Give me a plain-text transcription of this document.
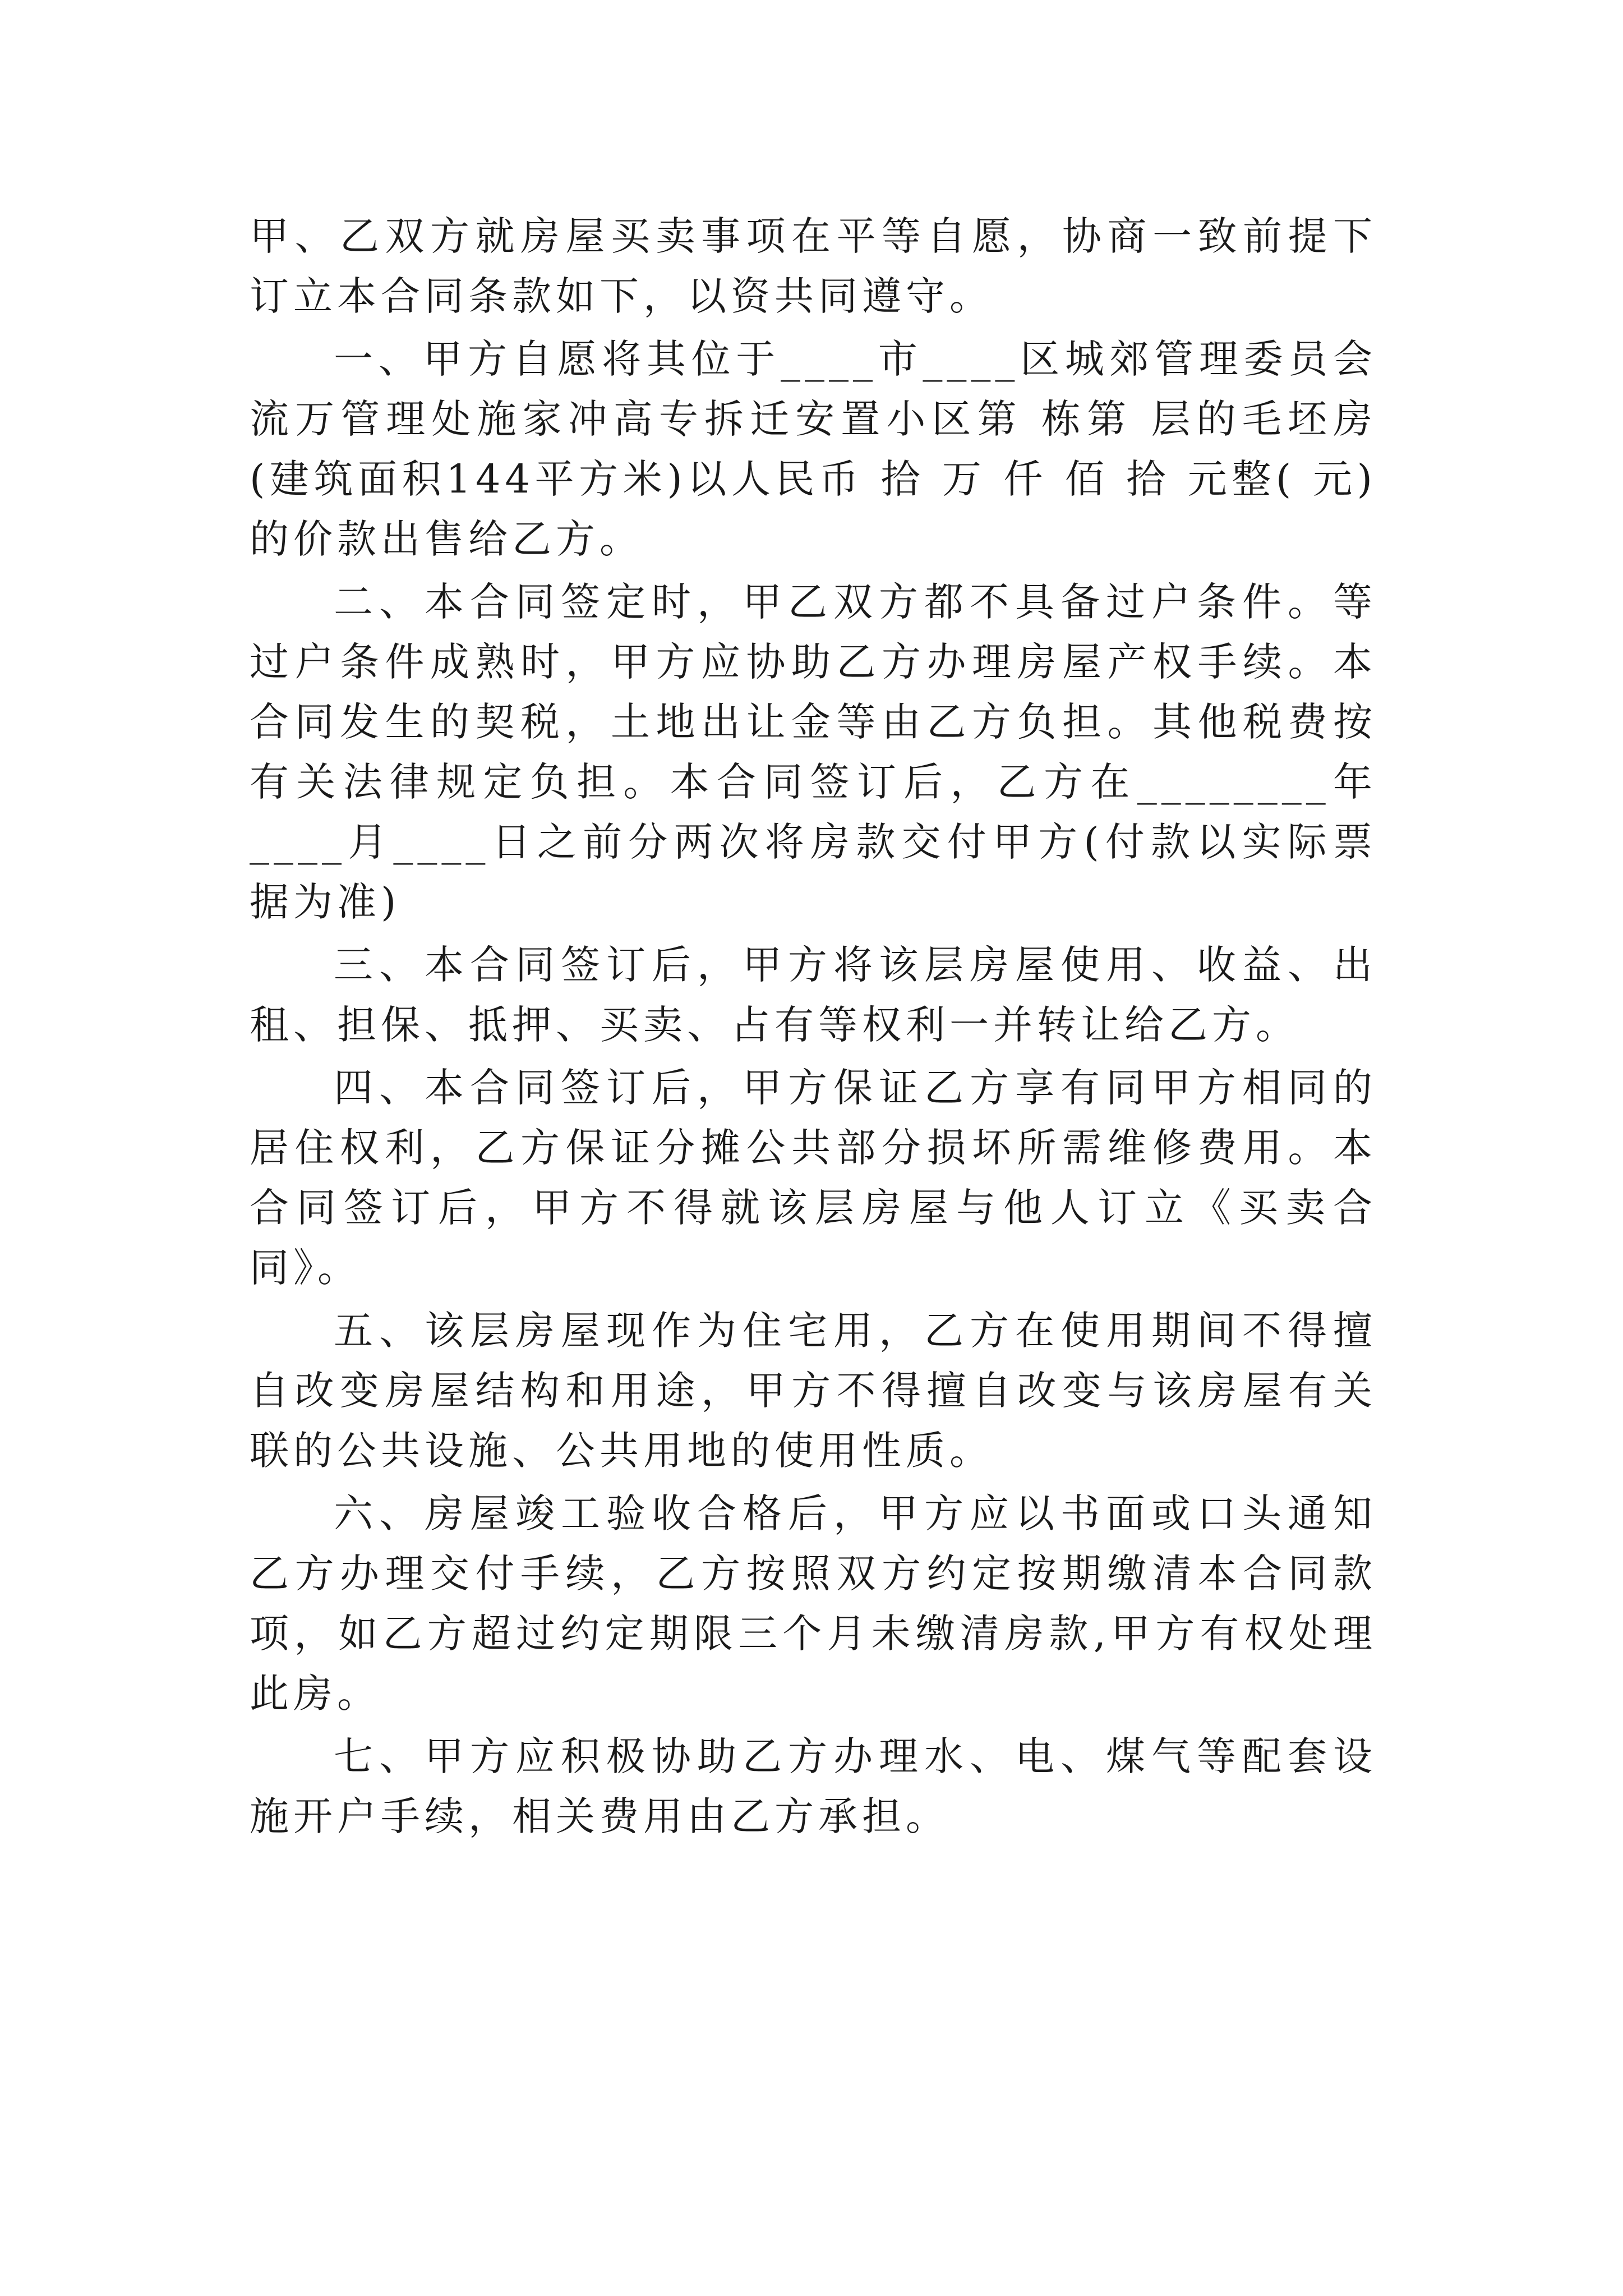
甲、乙双方就房屋买卖事项在平等自愿，协商一致前提下订立本合同条款如下，以资共同遵守。

一、甲方自愿将其位于____市____区城郊管理委员会流万管理处施家冲高专拆迁安置小区第 栋第 层的毛坯房(建筑面积144平方米)以人民币 拾 万 仟 佰 拾 元整( 元)的价款出售给乙方。

二、本合同签定时，甲乙双方都不具备过户条件。等过户条件成熟时，甲方应协助乙方办理房屋产权手续。本合同发生的契税，土地出让金等由乙方负担。其他税费按有关法律规定负担。本合同签订后，乙方在________年____月____日之前分两次将房款交付甲方(付款以实际票据为准)

三、本合同签订后，甲方将该层房屋使用、收益、出租、担保、抵押、买卖、占有等权利一并转让给乙方。

四、本合同签订后，甲方保证乙方享有同甲方相同的居住权利，乙方保证分摊公共部分损坏所需维修费用。本合同签订后，甲方不得就该层房屋与他人订立《买卖合同》。

五、该层房屋现作为住宅用，乙方在使用期间不得擅自改变房屋结构和用途，甲方不得擅自改变与该房屋有关联的公共设施、公共用地的使用性质。

六、房屋竣工验收合格后，甲方应以书面或口头通知乙方办理交付手续，乙方按照双方约定按期缴清本合同款项，如乙方超过约定期限三个月未缴清房款,甲方有权处理此房。

七、甲方应积极协助乙方办理水、电、煤气等配套设施开户手续，相关费用由乙方承担。
